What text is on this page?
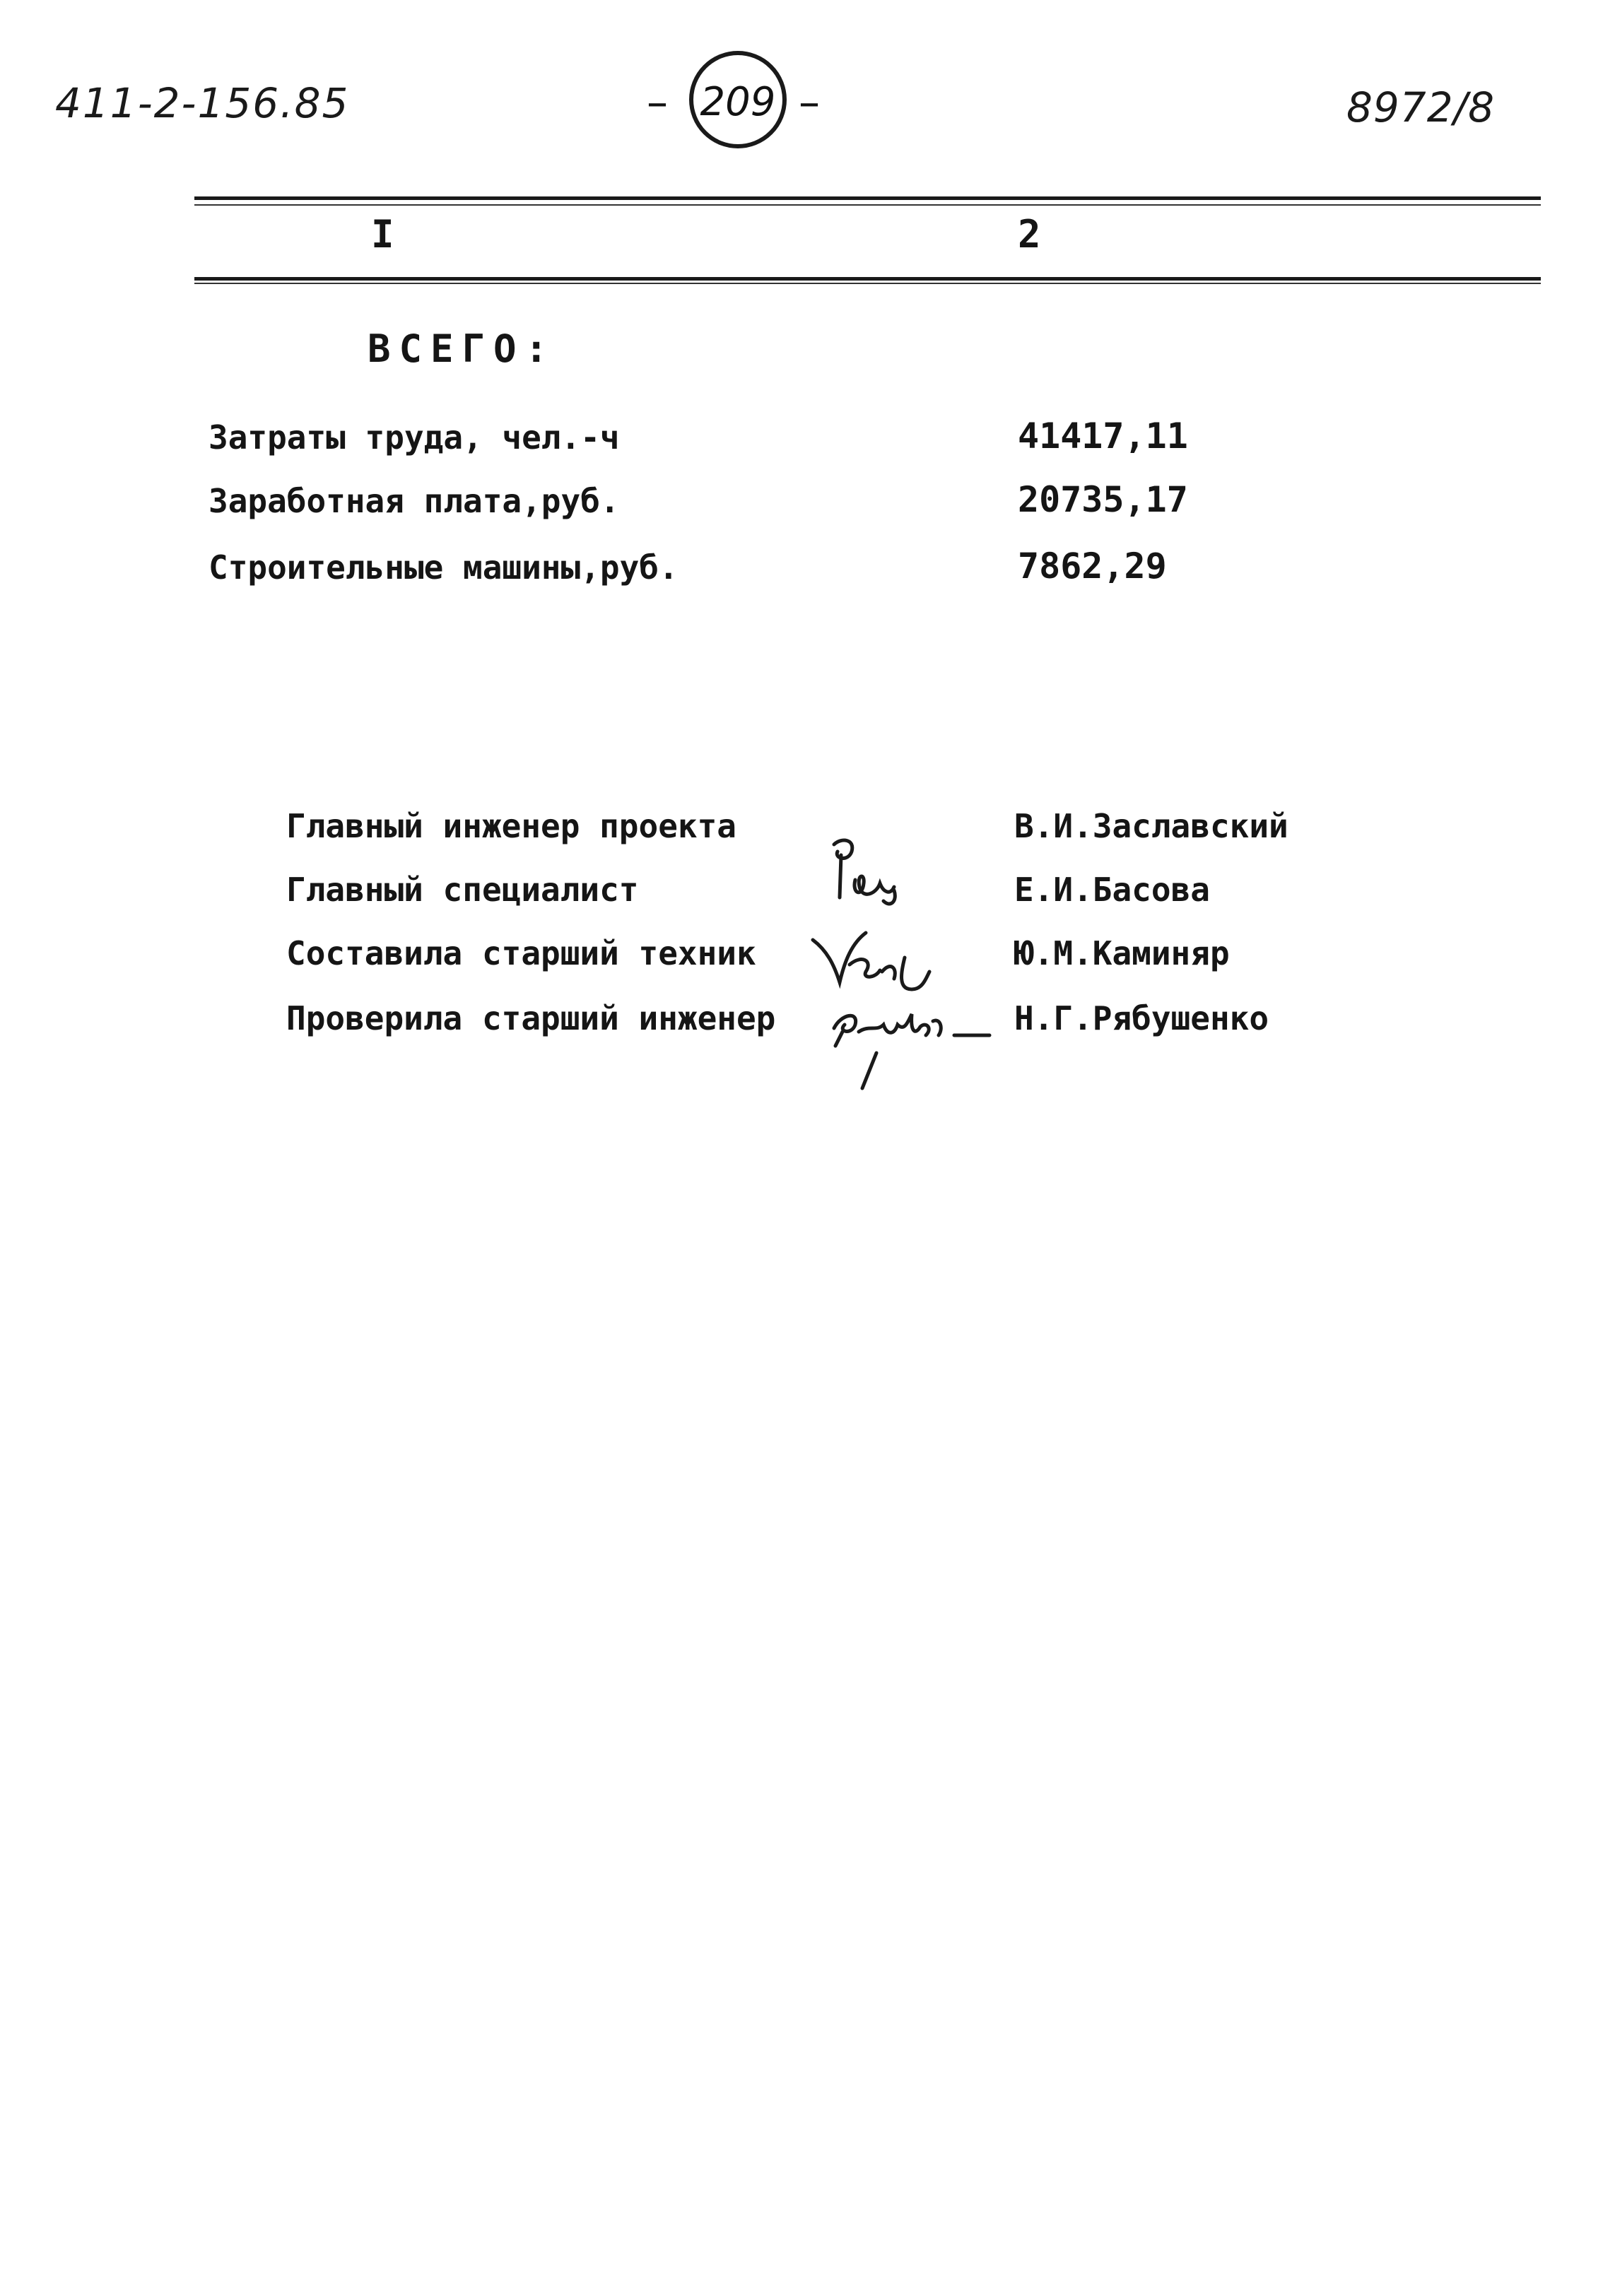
411-2-156.85	– 209 –	8972/8
I	2
ВСЕГО:
Затраты труда, чел.-ч	41417,11
Заработная плата,руб.	20735,17
Строительные машины,руб.	7862,29
Главный инженер проекта	В.И.Заславский
Главный специалист	Е.И.Басова
Составила старший техник	Ю.М.Каминяр
Проверила старший инженер	Н.Г.Рябушенко
